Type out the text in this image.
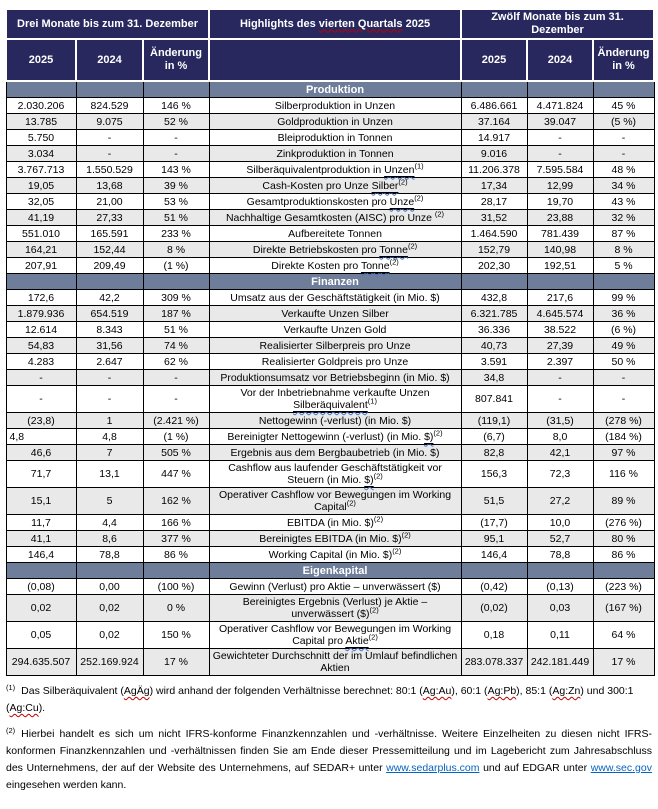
Drei Monate bis zum 31. Dezember			Highlights des vierten Quartals 2025	Zwölf Monate bis zum 31. Dezember		
2025	2024	Änderung in %		2025	2024	Änderung in %
			Produktion			
2.030.206	824.529	146 %	Silberproduktion in Unzen	6.486.661	4.471.824	45 %
13.785	9.075	52 %	Goldproduktion in Unzen	37.164	39.047	(5 %)
5.750	-	-	Bleiproduktion in Tonnen	14.917	-	-
3.034	-	-	Zinkproduktion in Tonnen	9.016	-	-
3.767.713	1.550.529	143 %	Silberäquivalentproduktion in Unzen$^{(1)}$	11.206.378	7.595.584	48 %
19,05	13,68	39 %	Cash-Kosten pro Unze Silber$^{(2)}$	17,34	12,99	34 %
32,05	21,00	53 %	Gesamtproduktionskosten pro Unze$^{(2)}$	28,17	19,70	43 %
41,19	27,33	51 %	Nachhaltige Gesamtkosten (AISC) pro Unze $^{(2)}$	31,52	23,88	32 %
551.010	165.591	233 %	Aufbereitete Tonnen	1.464.590	781.439	87 %
164,21	152,44	8 %	Direkte Betriebskosten pro Tonne$^{(2)}$	152,79	140,98	8 %
207,91	209,49	(1 %)	Direkte Kosten pro Tonne$^{(2)}$	202,30	192,51	5 %
			Finanzen			
172,6	42,2	309 %	Umsatz aus der Geschäftstätigkeit (in Mio. $)	432,8	217,6	99 %
1.879.936	654.519	187 %	Verkaufte Unzen Silber	6.321.785	4.645.574	36 %
12.614	8.343	51 %	Verkaufte Unzen Gold	36.336	38.522	(6 %)
54,83	31,56	74 %	Realisierter Silberpreis pro Unze	40,73	27,39	49 %
4.283	2.647	62 %	Realisierter Goldpreis pro Unze	3.591	2.397	50 %
-	-	-	Produktionsumsatz vor Betriebsbeginn (in Mio. $)	34,8	-	-
-	-	-	Vor der Inbetriebnahme verkaufte Unzen Silberäquivalent$^{(1)}$	807.841	-	-
(23,8)	1	(2.421 %)	Nettogewinn (-verlust) (in Mio. $)	(119,1)	(31,5)	(278 %)
4,8	4,8	(1 %)	Bereinigter Nettogewinn (-verlust) (in Mio. $)$^{(2)}$	(6,7)	8,0	(184 %)
46,6	7	505 %	Ergebnis aus dem Bergbaubetrieb (in Mio. $)	82,8	42,1	97 %
71,7	13,1	447 %	Cashflow aus laufender Geschäftstätigkeit vor Steuern (in Mio. $)$^{(2)}$	156,3	72,3	116 %
15,1	5	162 %	Operativer Cashflow vor Bewegungen im Working Capital$^{(2)}$	51,5	27,2	89 %
11,7	4,4	166 %	EBITDA (in Mio. $)$^{(2)}$	(17,7)	10,0	(276 %)
41,1	8,6	377 %	Bereinigtes EBITDA (in Mio. $)$^{(2)}$	95,1	52,7	80 %
146,4	78,8	86 %	Working Capital (in Mio. $)$^{(2)}$	146,4	78,8	86 %
			Eigenkapital			
(0,08)	0,00	(100 %)	Gewinn (Verlust) pro Aktie – unverwässert ($)	(0,42)	(0,13)	(223 %)
0,02	0,02	0 %	Bereinigtes Ergebnis (Verlust) je Aktie – unverwässert ($)$^{(2)}$	(0,02)	0,03	(167 %)
0,05	0,02	150 %	Operativer Cashflow vor Bewegungen im Working Capital pro Aktie$^{(2)}$	0,18	0,11	64 %
294.635.507	252.169.924	17 %	Gewichteter Durchschnitt der im Umlauf befindlichen Aktien	283.078.337	242.181.449	17 %
$^{(1)}$ Das Silberäquivalent (AgÄg) wird anhand der folgenden Verhältnisse berechnet: 80:1 (Ag:Au), 60:1 (Ag:Pb), 85:1 (Ag:Zn) und 300:1 (Ag:Cu).
$^{(2)}$ Hierbei handelt es sich um nicht IFRS-konforme Finanzkennzahlen und -verhältnisse. Weitere Einzelheiten zu diesen nicht IFRS-konformen Finanzkennzahlen und -verhältnissen finden Sie am Ende dieser Pressemitteilung und im Lagebericht zum Jahresabschluss des Unternehmens, der auf der Website des Unternehmens, auf SEDAR+ unter www.sedarplus.com und auf EDGAR unter www.sec.gov eingesehen werden kann.
